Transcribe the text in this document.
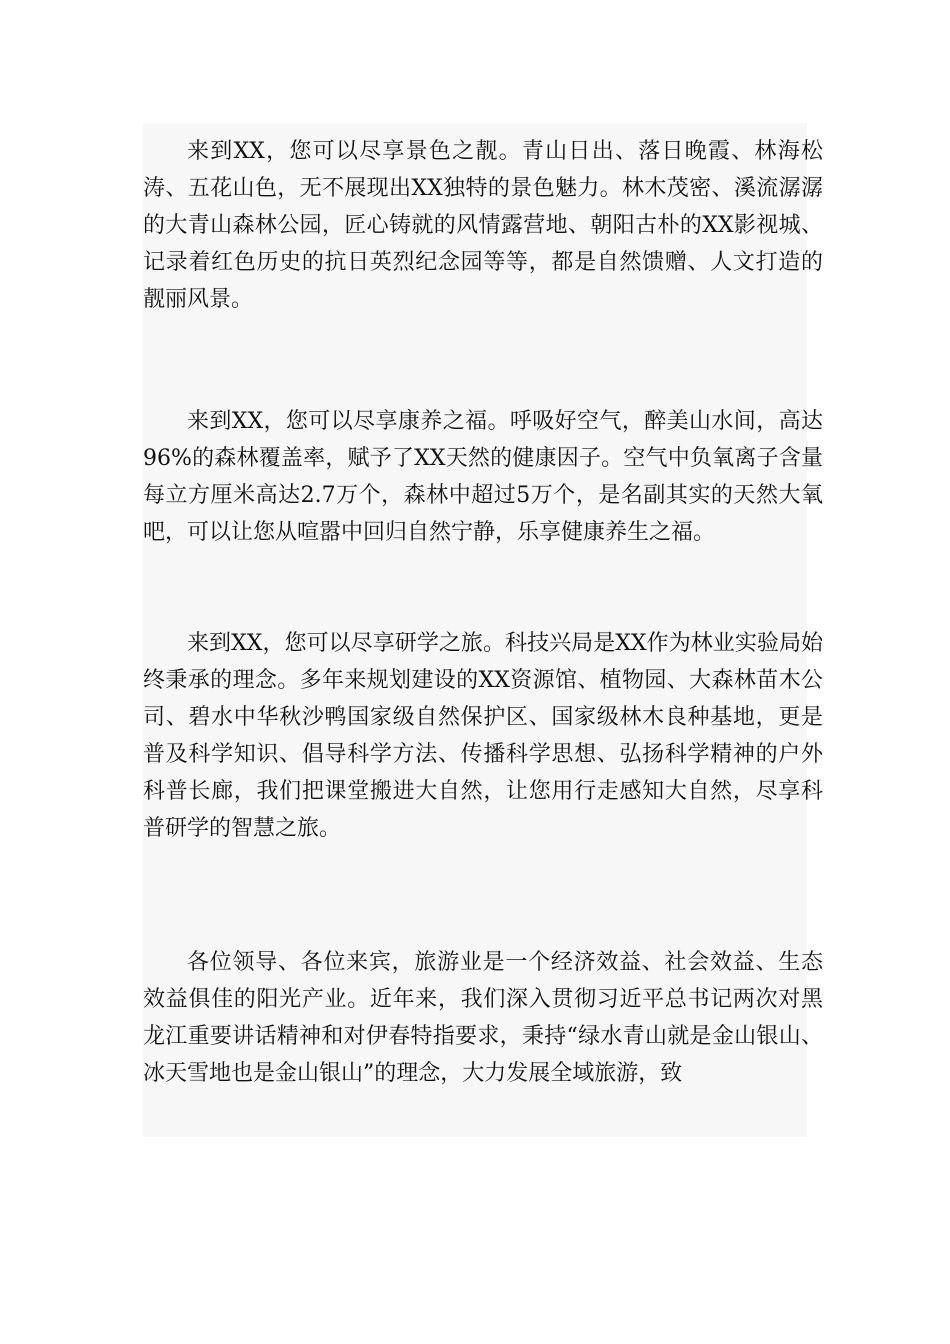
来到XX，您可以尽享景色之靓。青山日出、落日晚霞、林海松涛、五花山色，无不展现出XX独特的景色魅力。林木茂密、溪流潺潺的大青山森林公园，匠心铸就的风情露营地、朝阳古朴的XX影视城、记录着红色历史的抗日英烈纪念园等等，都是自然馈赠、人文打造的靓丽风景。

来到XX，您可以尽享康养之福。呼吸好空气，醉美山水间，高达96%的森林覆盖率，赋予了XX天然的健康因子。空气中负氧离子含量每立方厘米高达2.7万个，森林中超过5万个，是名副其实的天然大氧吧，可以让您从喧嚣中回归自然宁静，乐享健康养生之福。

来到XX，您可以尽享研学之旅。科技兴局是XX作为林业实验局始终秉承的理念。多年来规划建设的XX资源馆、植物园、大森林苗木公司、碧水中华秋沙鸭国家级自然保护区、国家级林木良种基地，更是普及科学知识、倡导科学方法、传播科学思想、弘扬科学精神的户外科普长廊，我们把课堂搬进大自然，让您用行走感知大自然，尽享科普研学的智慧之旅。

各位领导、各位来宾，旅游业是一个经济效益、社会效益、生态效益俱佳的阳光产业。近年来，我们深入贯彻习近平总书记两次对黑龙江重要讲话精神和对伊春特指要求，秉持“绿水青山就是金山银山、冰天雪地也是金山银山”的理念，大力发展全域旅游，致
